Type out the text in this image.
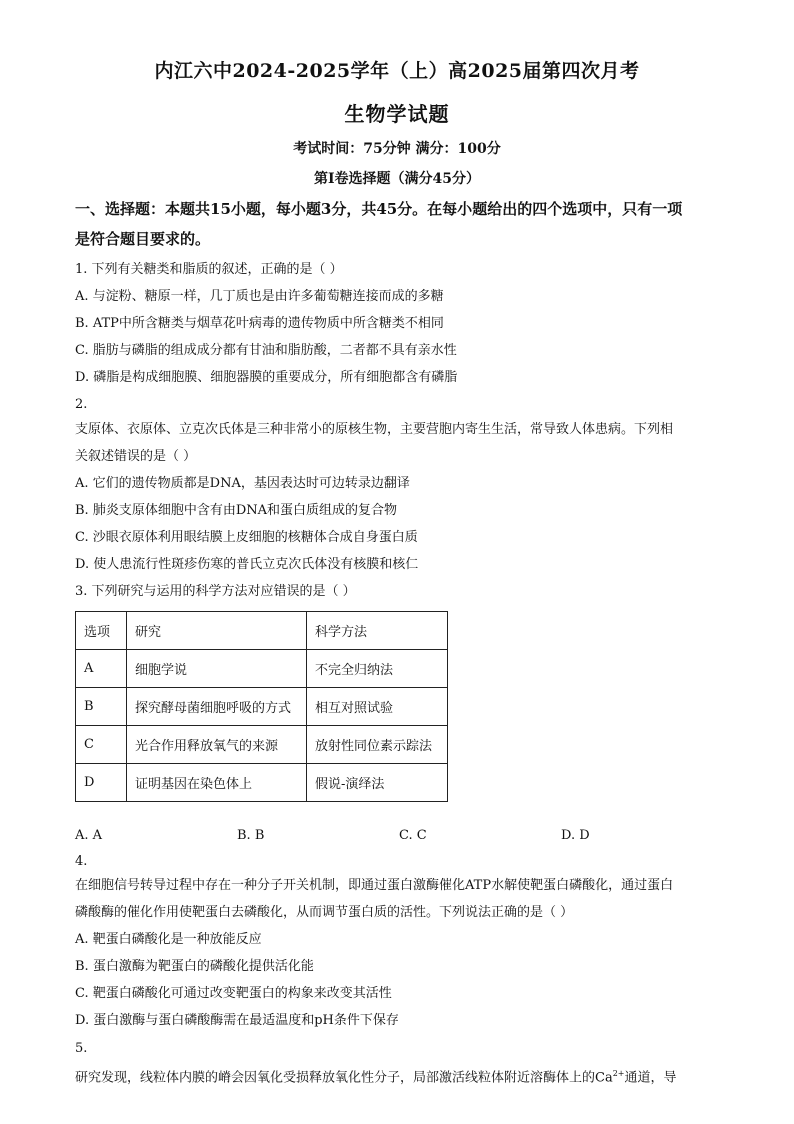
内江六中2024-2025学年（上）高2025届第四次月考
生物学试题
考试时间：75分钟 满分：100分
第Ⅰ卷选择题（满分45分）
一、选择题：本题共15小题，每小题3分，共45分。在每小题给出的四个选项中，只有一项
是符合题目要求的。
1. 下列有关糖类和脂质的叙述，正确的是（ ）
A. 与淀粉、糖原一样，几丁质也是由许多葡萄糖连接而成的多糖
B. ATP中所含糖类与烟草花叶病毒的遗传物质中所含糖类不相同
C. 脂肪与磷脂的组成成分都有甘油和脂肪酸，二者都不具有亲水性
D. 磷脂是构成细胞膜、细胞器膜的重要成分，所有细胞都含有磷脂
2.
支原体、衣原体、立克次氏体是三种非常小的原核生物，主要营胞内寄生生活，常导致人体患病。下列相
关叙述错误的是（ ）
A. 它们的遗传物质都是DNA，基因表达时可边转录边翻译
B. 肺炎支原体细胞中含有由DNA和蛋白质组成的复合物
C. 沙眼衣原体利用眼结膜上皮细胞的核糖体合成自身蛋白质
D. 使人患流行性斑疹伤寒的普氏立克次氏体没有核膜和核仁
3. 下列研究与运用的科学方法对应错误的是（ ）
选项	研究	科学方法
A	细胞学说	不完全归纳法
B	探究酵母菌细胞呼吸的方式	相互对照试验
C	光合作用释放氧气的来源	放射性同位素示踪法
D	证明基因在染色体上	假说-演绎法
A. A	B. B	C. C	D. D
4.
在细胞信号转导过程中存在一种分子开关机制，即通过蛋白激酶催化ATP水解使靶蛋白磷酸化，通过蛋白
磷酸酶的催化作用使靶蛋白去磷酸化，从而调节蛋白质的活性。下列说法正确的是（ ）
A. 靶蛋白磷酸化是一种放能反应
B. 蛋白激酶为靶蛋白的磷酸化提供活化能
C. 靶蛋白磷酸化可通过改变靶蛋白的构象来改变其活性
D. 蛋白激酶与蛋白磷酸酶需在最适温度和pH条件下保存
5.
研究发现，线粒体内膜的嵴会因氧化受损释放氧化性分子，局部激活线粒体附近溶酶体上的$Ca^{2+}$通道，导
